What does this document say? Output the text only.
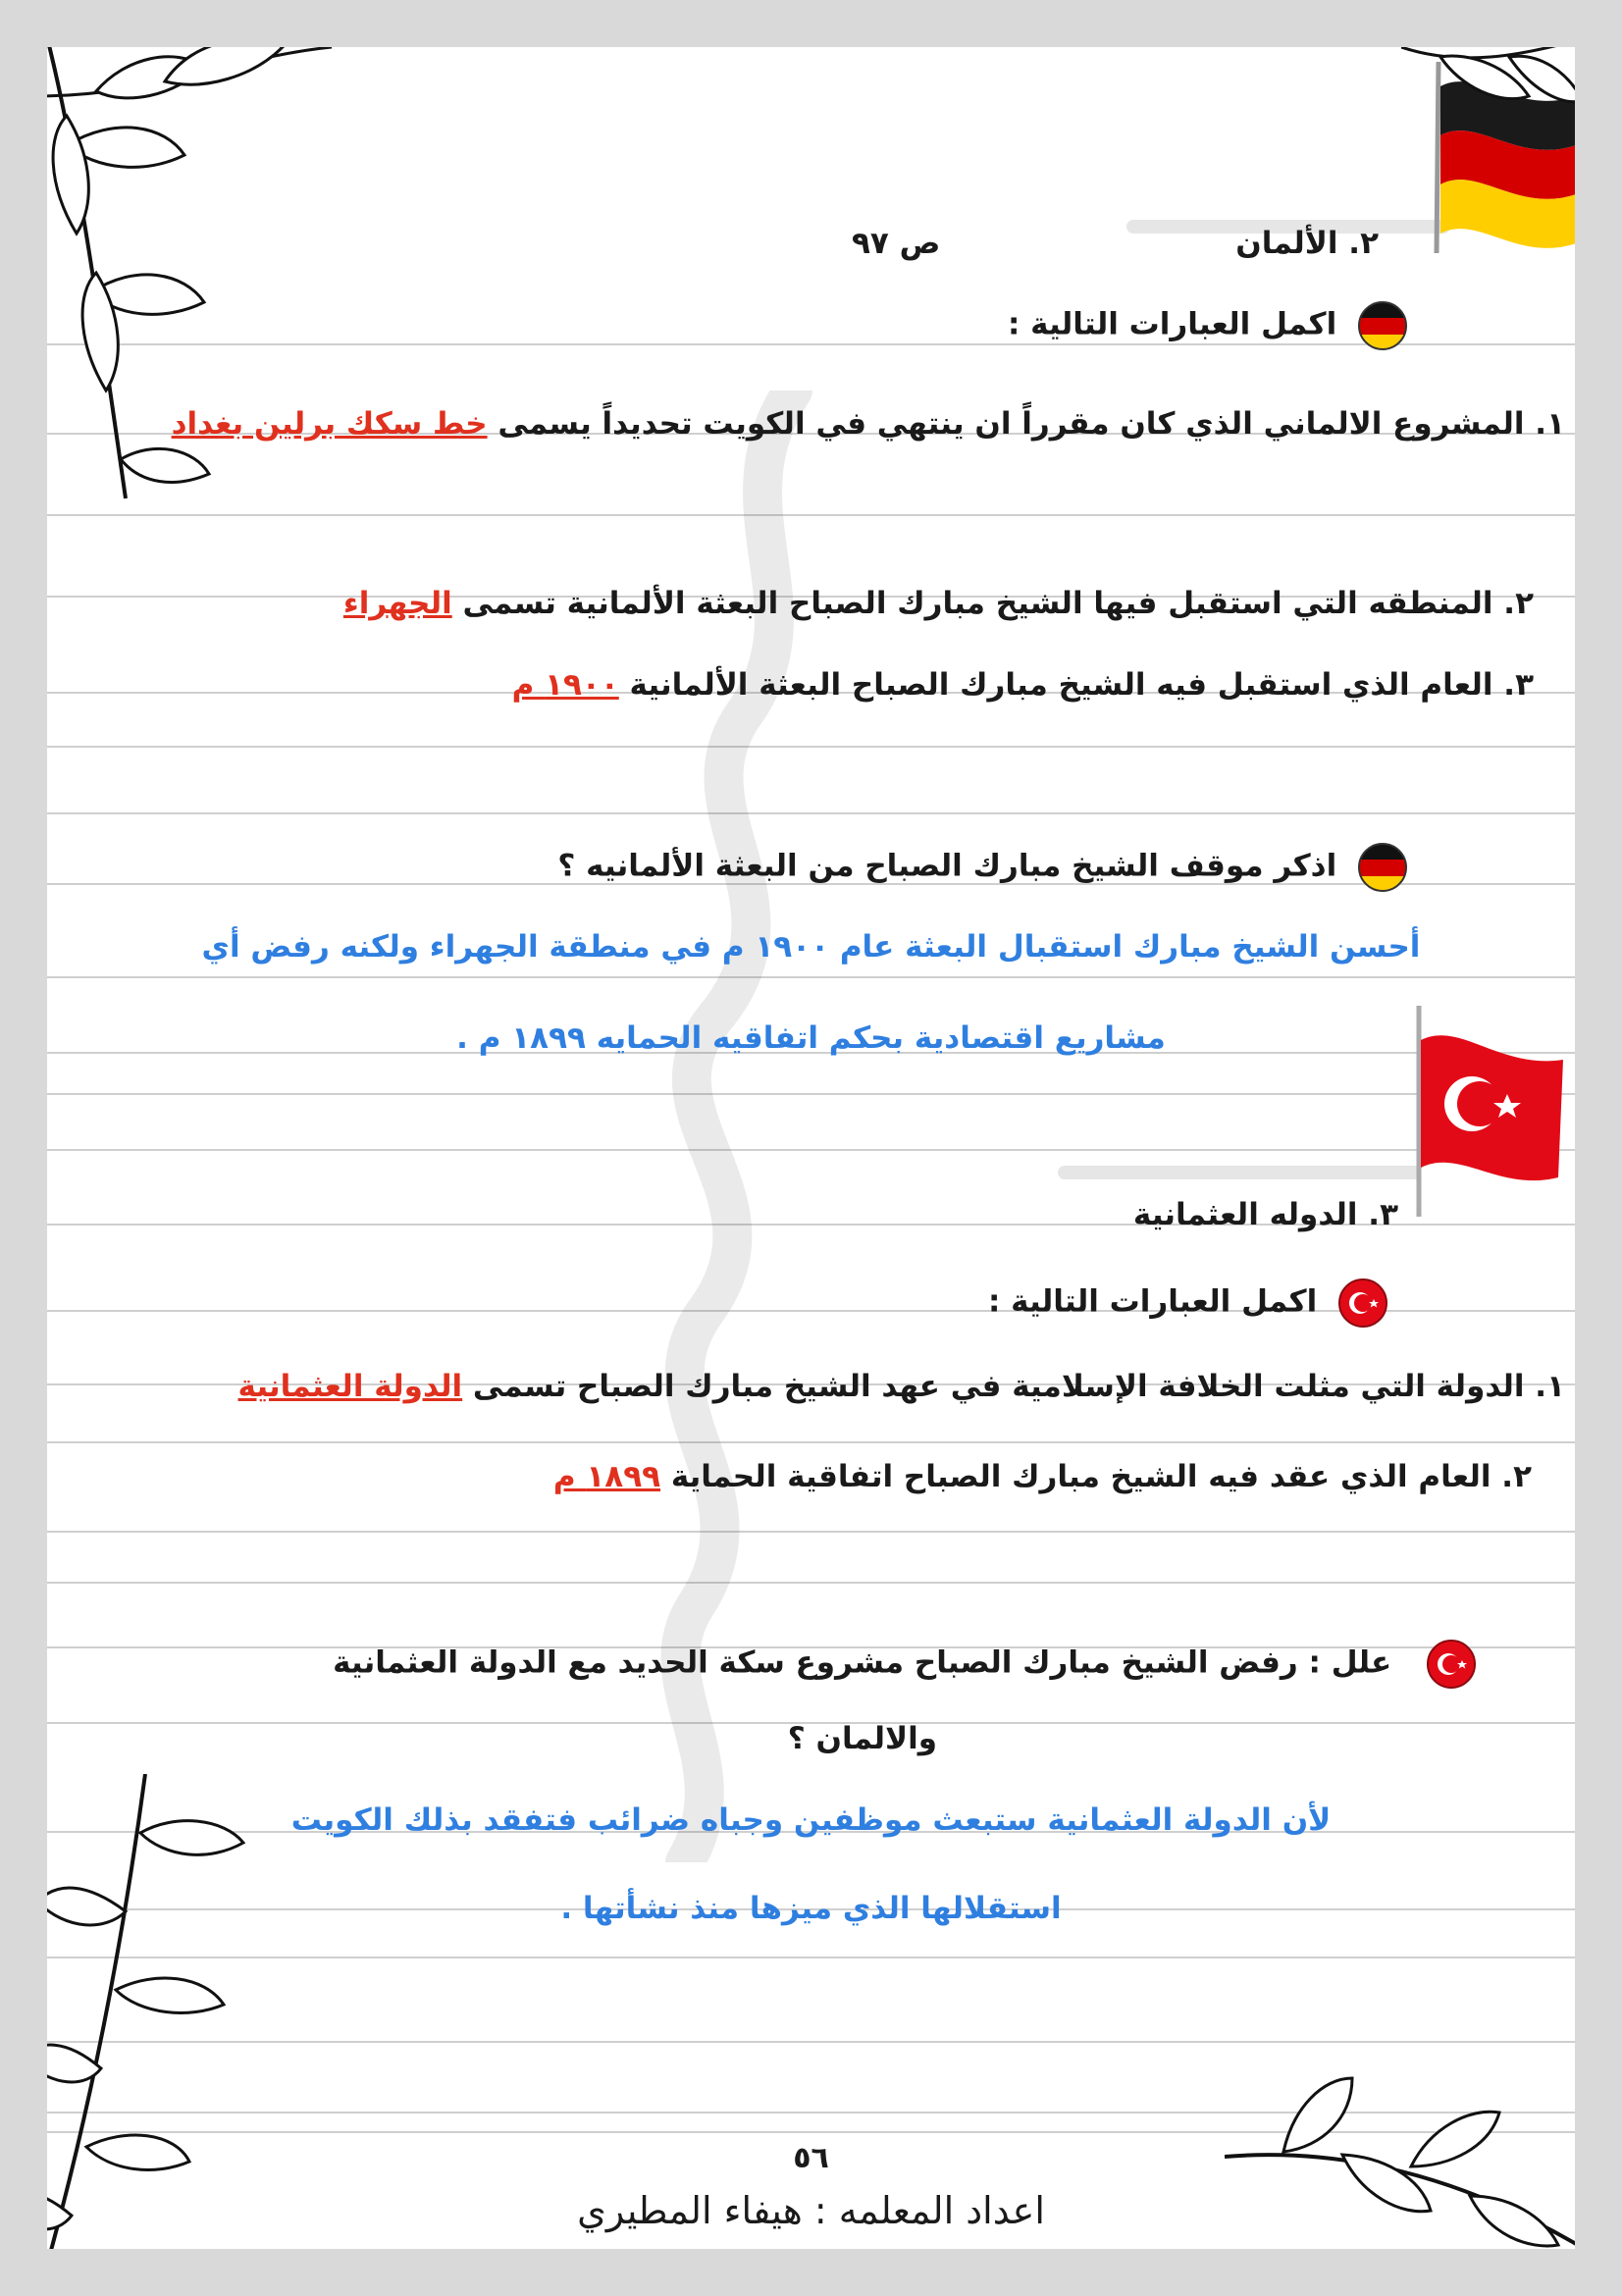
٢. الألمان
ص ٩٧
اكمل العبارات التالية :
١. المشروع الالماني الذي كان مقرراً ان ينتهي في الكويت تحديداً يسمى خط سكك برلين بغداد
٢. المنطقه التي استقبل فيها الشيخ مبارك الصباح البعثة الألمانية تسمى الجهراء
٣. العام الذي استقبل فيه الشيخ مبارك الصباح البعثة الألمانية ١٩٠٠ م
اذكر موقف الشيخ مبارك الصباح من البعثة الألمانيه ؟
أحسن الشيخ مبارك استقبال البعثة عام ١٩٠٠ م في منطقة الجهراء ولكنه رفض أي
مشاريع اقتصادية بحكم اتفاقيه الحمايه ١٨٩٩ م .
٣. الدوله العثمانية
اكمل العبارات التالية :
١. الدولة التي مثلت الخلافة الإسلامية في عهد الشيخ مبارك الصباح تسمى الدولة العثمانية
٢. العام الذي عقد فيه الشيخ مبارك الصباح اتفاقية الحماية ١٨٩٩ م
علل : رفض الشيخ مبارك الصباح مشروع سكة الحديد مع الدولة العثمانية
والالمان ؟
لأن الدولة العثمانية ستبعث موظفين وجباه ضرائب فتفقد بذلك الكويت
استقلالها الذي ميزها منذ نشأتها .
٥٦
اعداد المعلمه : هيفاء المطيري
